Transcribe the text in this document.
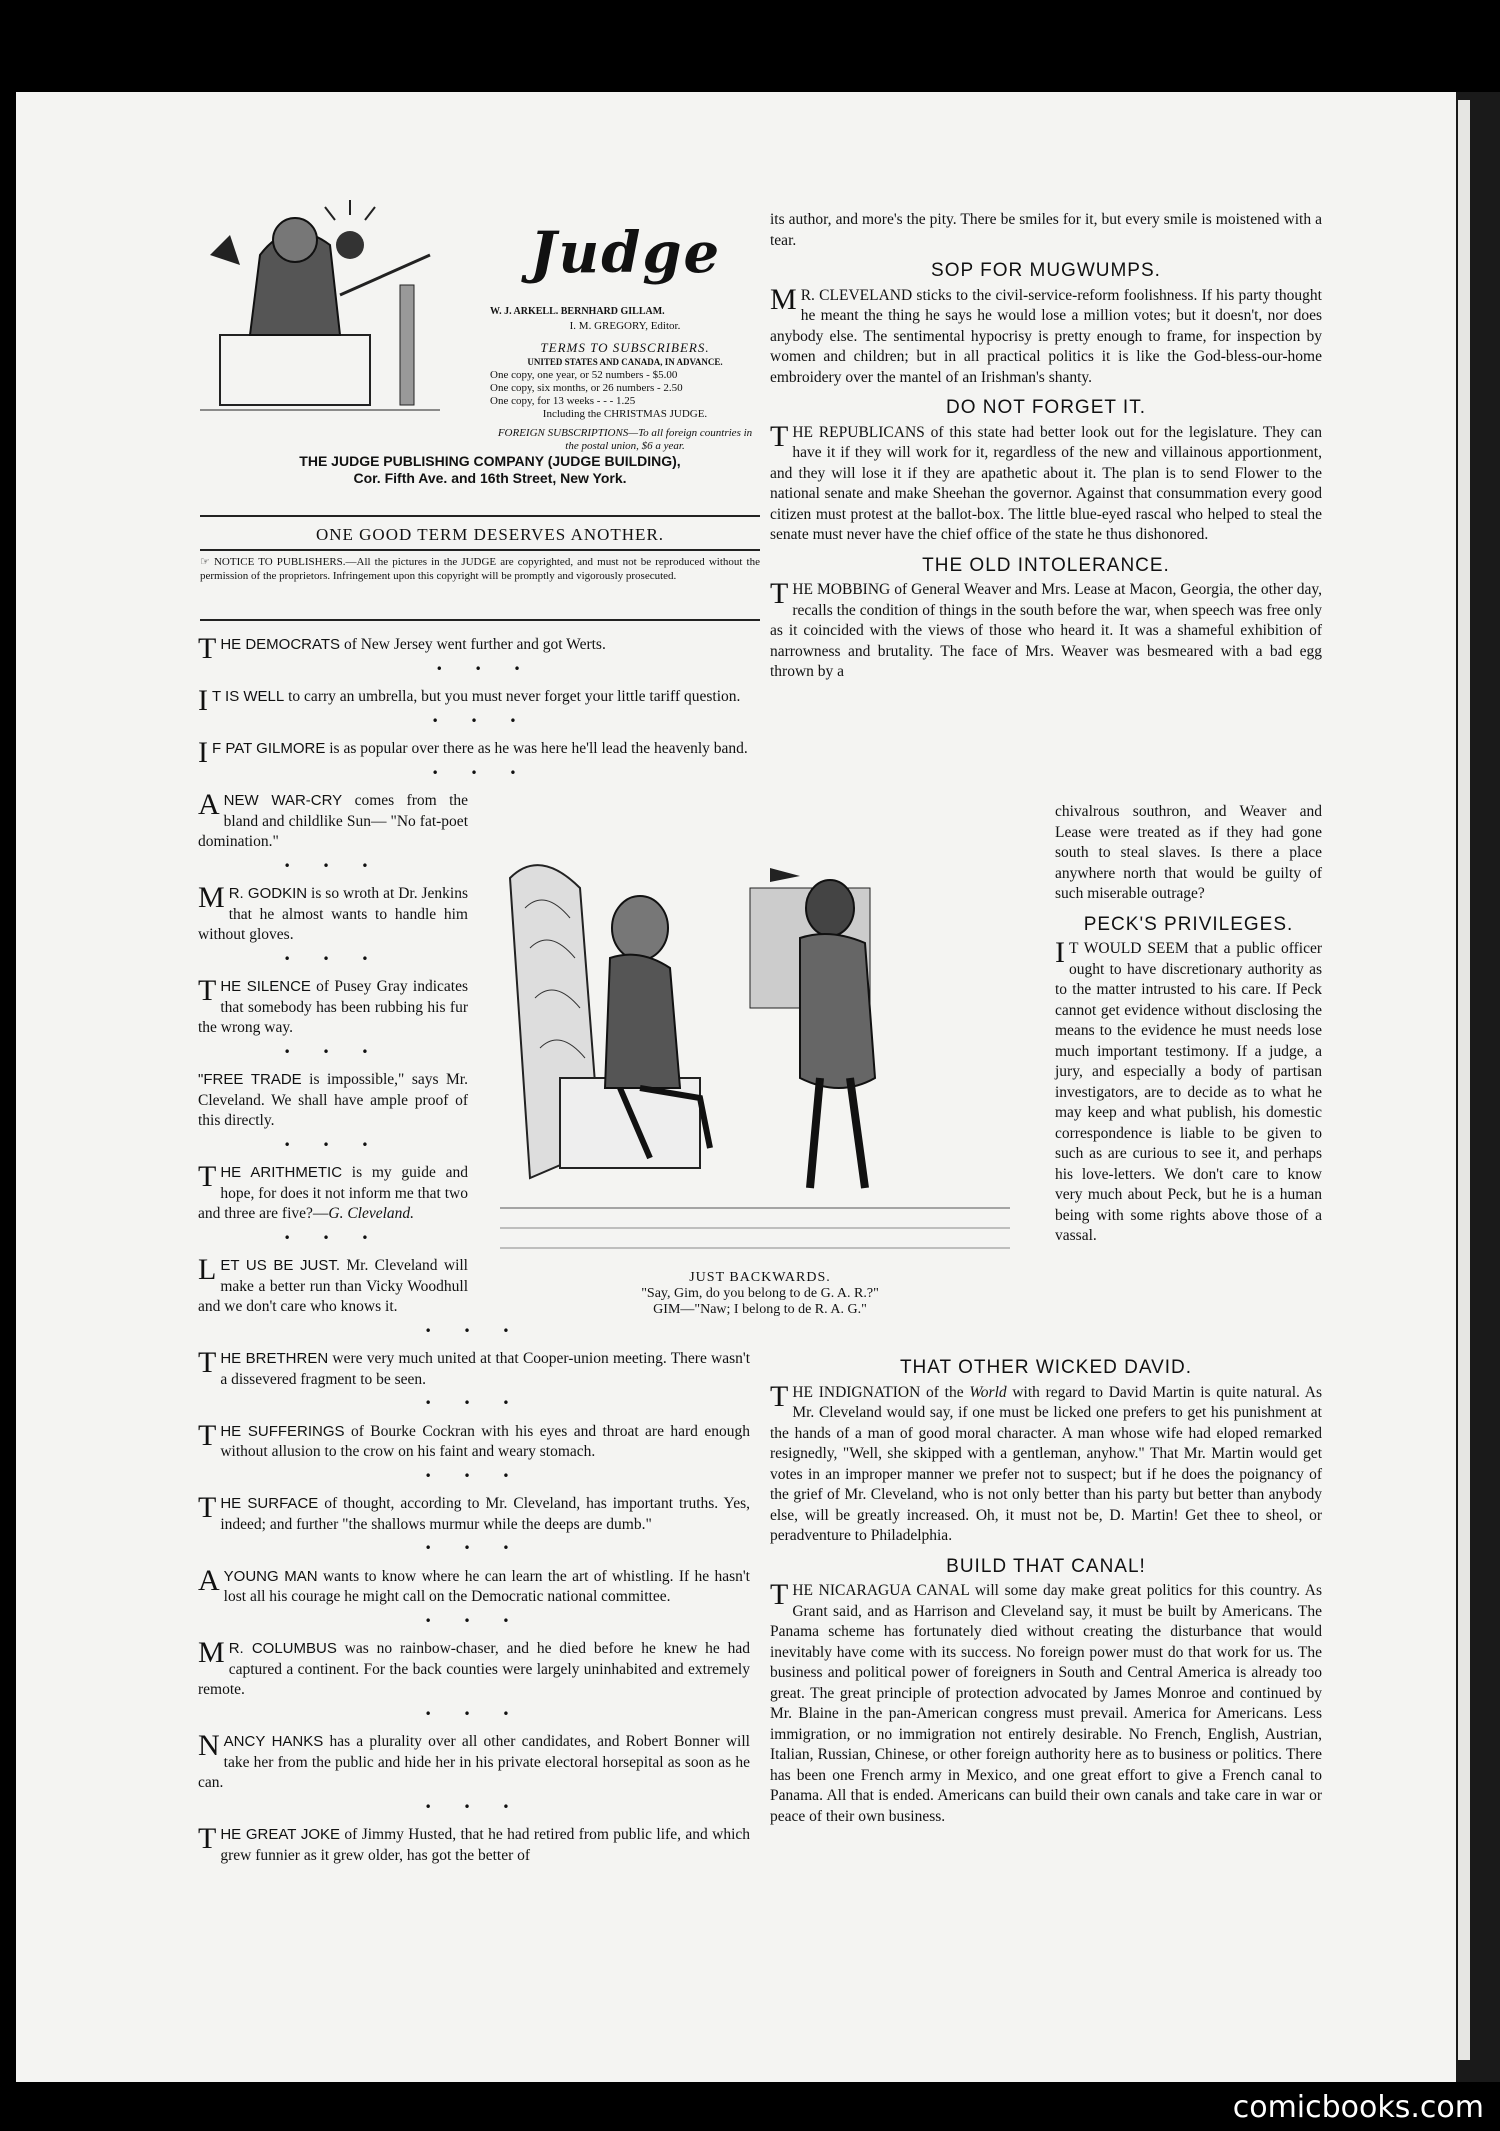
Judge
W. J. ARKELL. BERNHARD GILLAM.
I. M. GREGORY, Editor.
TERMS TO SUBSCRIBERS.
UNITED STATES AND CANADA, IN ADVANCE.
One copy, one year, or 52 numbers - $5.00
One copy, six months, or 26 numbers - 2.50
One copy, for 13 weeks - - - 1.25
Including the CHRISTMAS JUDGE.
FOREIGN SUBSCRIPTIONS—To all foreign countries in the postal union, $6 a year.
THE JUDGE PUBLISHING COMPANY (JUDGE BUILDING),
Cor. Fifth Ave. and 16th Street, New York.
ONE GOOD TERM DESERVES ANOTHER.
☞ NOTICE TO PUBLISHERS.—All the pictures in the JUDGE are copyrighted, and must not be reproduced without the permission of the proprietors. Infringement upon this copyright will be promptly and vigorously prosecuted.

THE DEMOCRATS of New Jersey went further and got Werts.

• • •

I T IS WELL to carry an umbrella, but you must never forget your little tariff question.

• • •

I F PAT GILMORE is as popular over there as he was here he'll lead the heavenly band.

• • •

ANEW WAR-CRY comes from the bland and childlike Sun— "No fat-poet domination."

• • •

M R. GODKIN is so wroth at Dr. Jenkins that he almost wants to handle him without gloves.

• • •

THE SILENCE of Pusey Gray indicates that somebody has been rubbing his fur the wrong way.

• • •

"FREE TRADE is impossible," says Mr. Cleveland. We shall have ample proof of this directly.

• • •

THE ARITHMETIC is my guide and hope, for does it not inform me that two and three are five?—G. Cleveland.

• • •

LET US BE JUST. Mr. Cleveland will make a better run than Vicky Woodhull and we don't care who knows it.

• • •

THE BRETHREN were very much united at that Cooper-union meeting. There wasn't a dissevered fragment to be seen.

• • •

THE SUFFERINGS of Bourke Cockran with his eyes and throat are hard enough without allusion to the crow on his faint and weary stomach.

• • •

THE SURFACE of thought, according to Mr. Cleveland, has important truths. Yes, indeed; and further "the shallows murmur while the deeps are dumb."

• • •

AYOUNG MAN wants to know where he can learn the art of whistling. If he hasn't lost all his courage he might call on the Democratic national committee.

• • •

M R. COLUMBUS was no rainbow-chaser, and he died before he knew he had captured a continent. For the back counties were largely uninhabited and extremely remote.

• • •

NANCY HANKS has a plurality over all other candidates, and Robert Bonner will take her from the public and hide her in his private electoral horsepital as soon as he can.

• • •

THE GREAT JOKE of Jimmy Husted, that he had retired from public life, and which grew funnier as it grew older, has got the better of

JUST BACKWARDS.
"Say, Gim, do you belong to de G. A. R.?"
GIM—"Naw; I belong to de R. A. G."

its author, and more's the pity. There be smiles for it, but every smile is moistened with a tear.

SOP FOR MUGWUMPS.

M R. CLEVELAND sticks to the civil-service-reform foolishness. If his party thought he meant the thing he says he would lose a million votes; but it doesn't, nor does anybody else. The sentimental hypocrisy is pretty enough to frame, for inspection by women and children; but in all practical politics it is like the God-bless-our-home embroidery over the mantel of an Irishman's shanty.

DO NOT FORGET IT.

THE REPUBLICANS of this state had better look out for the legislature. They can have it if they will work for it, regardless of the new and villainous apportionment, and they will lose it if they are apathetic about it. The plan is to send Flower to the national senate and make Sheehan the governor. Against that consummation every good citizen must protest at the ballot-box. The little blue-eyed rascal who helped to steal the senate must never have the chief office of the state he thus dishonored.

THE OLD INTOLERANCE.

THE MOBBING of General Weaver and Mrs. Lease at Macon, Georgia, the other day, recalls the condition of things in the south before the war, when speech was free only as it coincided with the views of those who heard it. It was a shameful exhibition of narrowness and brutality. The face of Mrs. Weaver was besmeared with a bad egg thrown by a

chivalrous southron, and Weaver and Lease were treated as if they had gone south to steal slaves. Is there a place anywhere north that would be guilty of such miserable outrage?

PECK'S PRIVILEGES.

I T WOULD SEEM that a public officer ought to have discretionary authority as to the matter intrusted to his care. If Peck cannot get evidence without disclosing the means to the evidence he must needs lose much important testimony. If a judge, a jury, and especially a body of partisan investigators, are to decide as to what he may keep and what publish, his domestic correspondence is liable to be given to such as are curious to see it, and perhaps his love-letters. We don't care to know very much about Peck, but he is a human being with some rights above those of a vassal.

THAT OTHER WICKED DAVID.

THE INDIGNATION of the World with regard to David Martin is quite natural. As Mr. Cleveland would say, if one must be licked one prefers to get his punishment at the hands of a man of good moral character. A man whose wife had eloped remarked resignedly, "Well, she skipped with a gentleman, anyhow." That Mr. Martin would get votes in an improper manner we prefer not to suspect; but if he does the poignancy of the grief of Mr. Cleveland, who is not only better than his party but better than anybody else, will be greatly increased. Oh, it must not be, D. Martin! Get thee to sheol, or peradventure to Philadelphia.

BUILD THAT CANAL!

THE NICARAGUA CANAL will some day make great politics for this country. As Grant said, and as Harrison and Cleveland say, it must be built by Americans. The Panama scheme has fortunately died without creating the disturbance that would inevitably have come with its success. No foreign power must do that work for us. The business and political power of foreigners in South and Central America is already too great. The great principle of protection advocated by James Monroe and continued by Mr. Blaine in the pan-American congress must prevail. America for Americans. Less immigration, or no immigration not entirely desirable. No French, English, Austrian, Italian, Russian, Chinese, or other foreign authority here as to business or politics. There has been one French army in Mexico, and one great effort to give a French canal to Panama. All that is ended. Americans can build their own canals and take care in war or peace of their own business.

comicbooks.com
